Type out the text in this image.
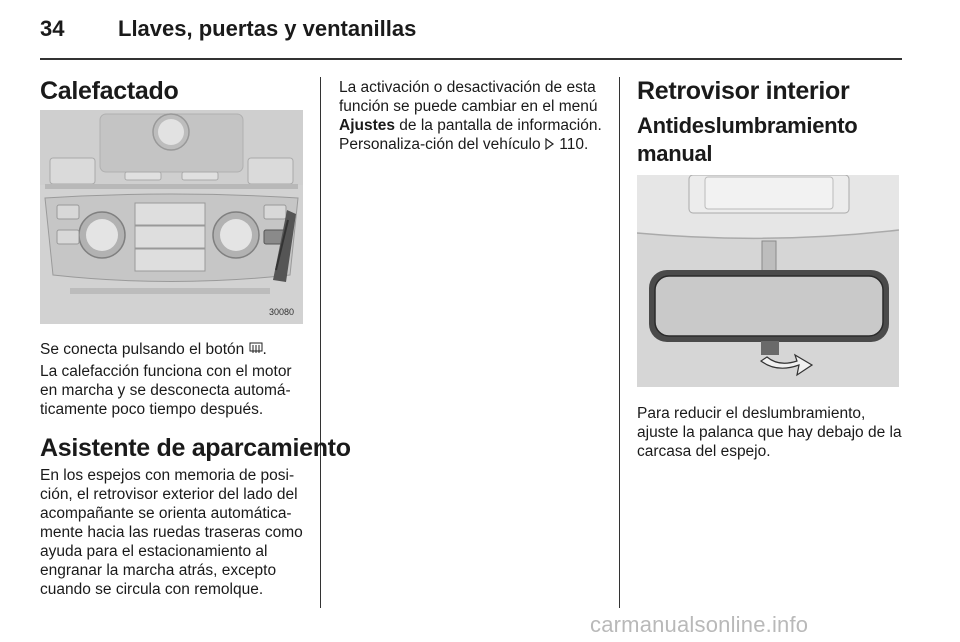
34 Llaves, puertas y ventanillas
Calefactado
30080

Se conecta pulsando el botón .

La calefacción funciona con el motor en marcha y se desconecta automá-ticamente poco tiempo después.
Asistente de aparcamiento
En los espejos con memoria de posi-ción, el retrovisor exterior del lado del acompañante se orienta automática-mente hacia las ruedas traseras como ayuda para el estacionamiento al engranar la marcha atrás, excepto cuando se circula con remolque.

La activación o desactivación de esta función se puede cambiar en el menú Ajustes de la pantalla de información. Personaliza-ción del vehículo  110.

Retrovisor interior
Antideslumbramiento manual
Para reducir el deslumbramiento, ajuste la palanca que hay debajo de la carcasa del espejo.
carmanualsonline.info
